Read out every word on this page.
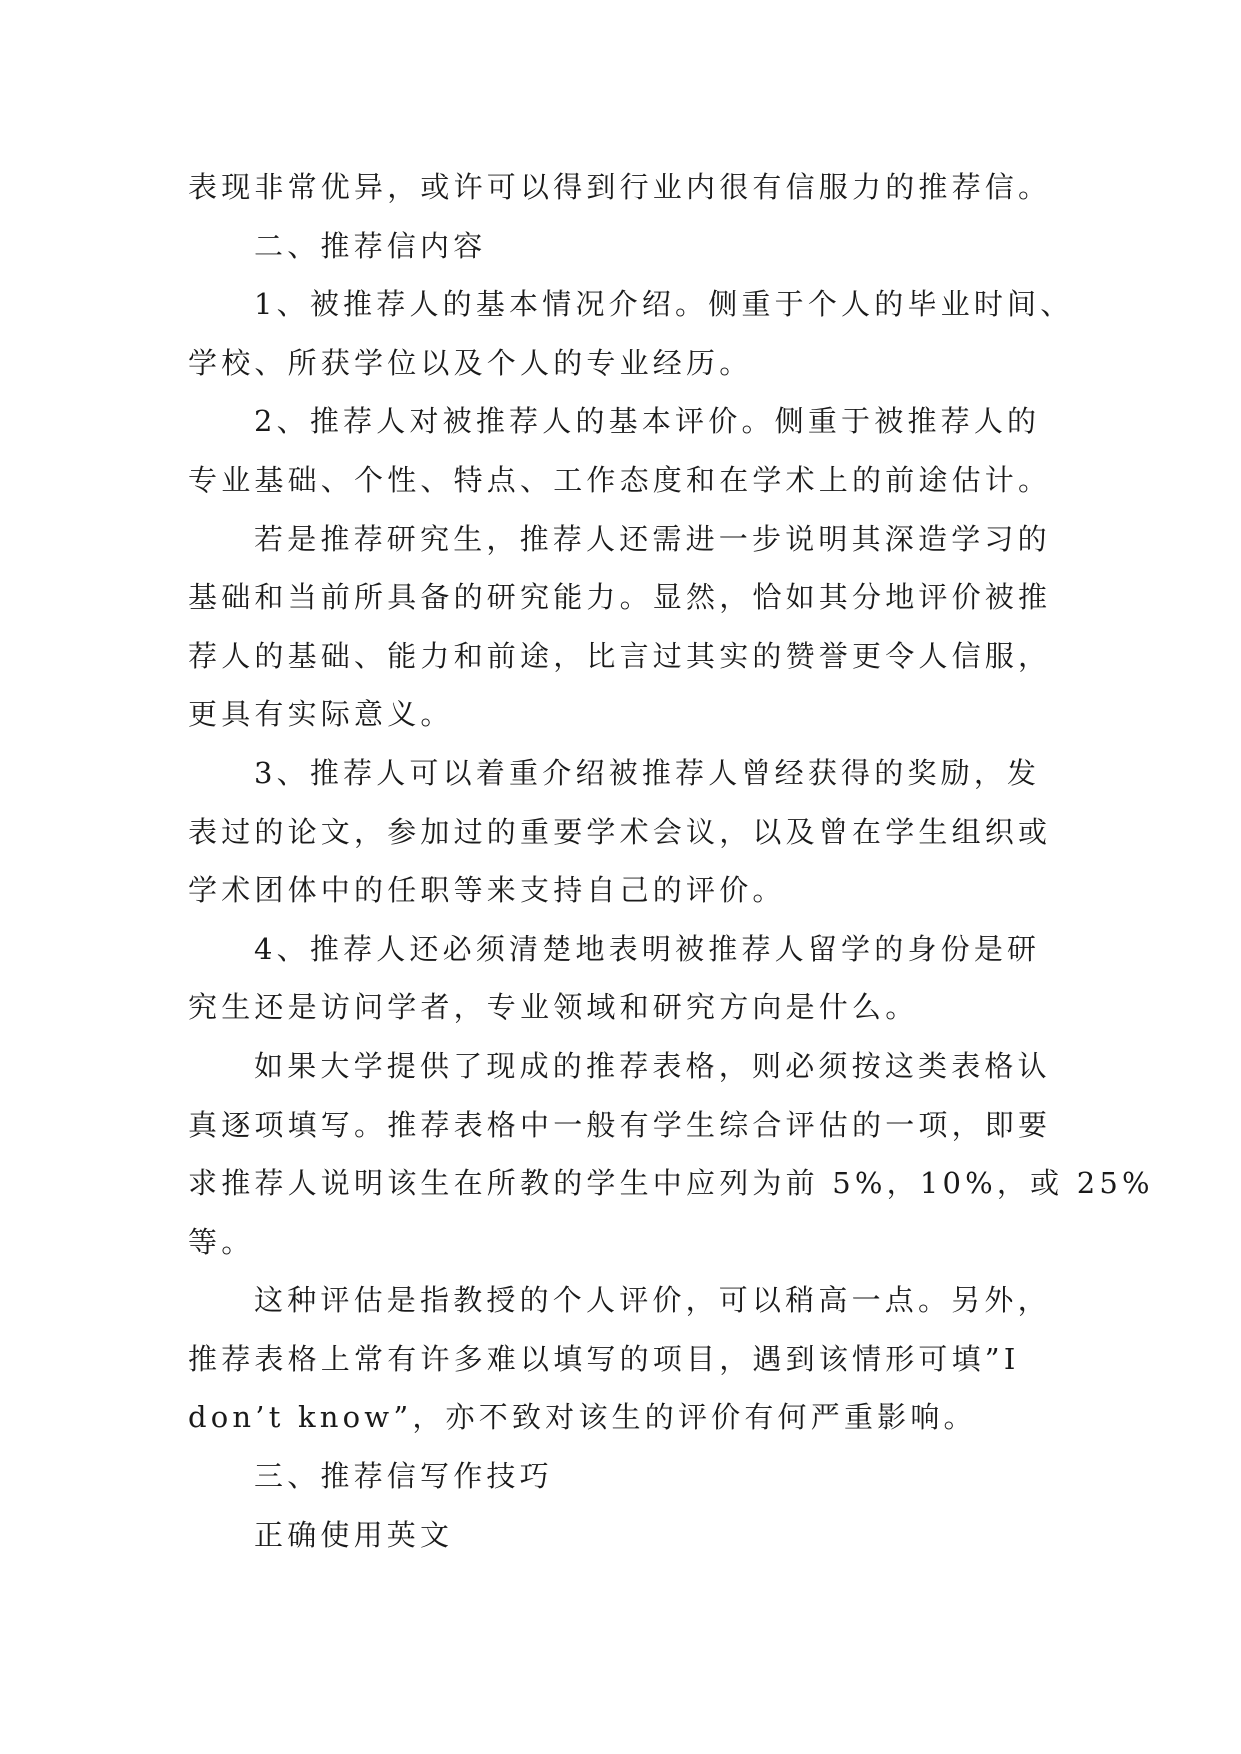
表现非常优异，或许可以得到行业内很有信服力的推荐信。
二、推荐信内容
1、被推荐人的基本情况介绍。侧重于个人的毕业时间、
学校、所获学位以及个人的专业经历。
2、推荐人对被推荐人的基本评价。侧重于被推荐人的
专业基础、个性、特点、工作态度和在学术上的前途估计。
若是推荐研究生，推荐人还需进一步说明其深造学习的
基础和当前所具备的研究能力。显然，恰如其分地评价被推
荐人的基础、能力和前途，比言过其实的赞誉更令人信服，
更具有实际意义。
3、推荐人可以着重介绍被推荐人曾经获得的奖励，发
表过的论文，参加过的重要学术会议，以及曾在学生组织或
学术团体中的任职等来支持自己的评价。
4、推荐人还必须清楚地表明被推荐人留学的身份是研
究生还是访问学者，专业领域和研究方向是什么。
如果大学提供了现成的推荐表格，则必须按这类表格认
真逐项填写。推荐表格中一般有学生综合评估的一项，即要
求推荐人说明该生在所教的学生中应列为前 5%，10%，或 25%
等。
这种评估是指教授的个人评价，可以稍高一点。另外，
推荐表格上常有许多难以填写的项目，遇到该情形可填”I
don’t know”，亦不致对该生的评价有何严重影响。
三、推荐信写作技巧
正确使用英文
